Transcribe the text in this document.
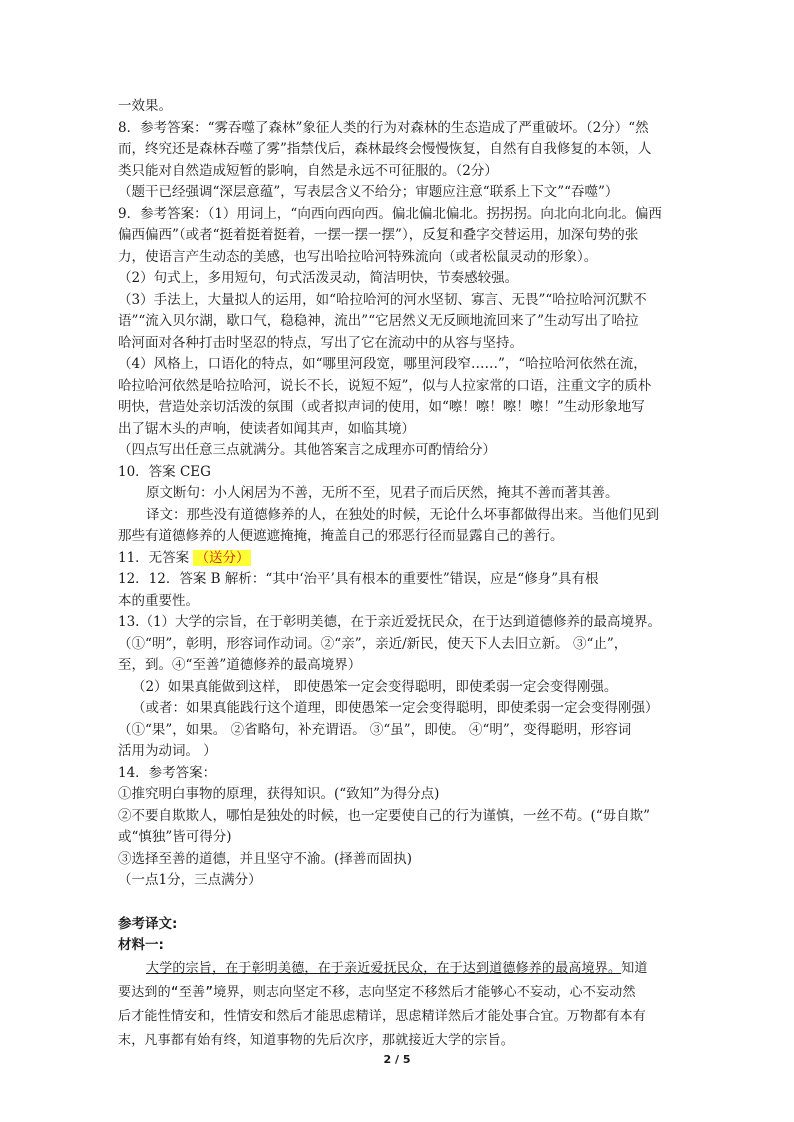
一效果。
8．参考答案：“雾吞噬了森林”象征人类的行为对森林的生态造成了严重破坏。（2分）“然
而，终究还是森林吞噬了雾”指禁伐后，森林最终会慢慢恢复，自然有自我修复的本领，人
类只能对自然造成短暂的影响，自然是永远不可征服的。（2分）
（题干已经强调“深层意蕴”，写表层含义不给分；审题应注意“联系上下文”“吞噬”）
9．参考答案：（1）用词上，“向西向西向西。偏北偏北偏北。拐拐拐。向北向北向北。偏西
偏西偏西”（或者“挺着挺着挺着，一摆一摆一摆”），反复和叠字交替运用，加深句势的张
力，使语言产生动态的美感，也写出哈拉哈河特殊流向（或者松鼠灵动的形象）。
（2）句式上，多用短句，句式活泼灵动，简洁明快，节奏感较强。
（3）手法上，大量拟人的运用，如“哈拉哈河的河水坚韧、寡言、无畏”“哈拉哈河沉默不
语”“流入贝尔湖，歇口气，稳稳神，流出”“它居然义无反顾地流回来了”生动写出了哈拉
哈河面对各种打击时坚忍的特点，写出了它在流动中的从容与坚持。
（4）风格上，口语化的特点，如“哪里河段宽，哪里河段窄……”，“哈拉哈河依然在流，
哈拉哈河依然是哈拉哈河，说长不长，说短不短”，似与人拉家常的口语，注重文字的质朴
明快，营造处亲切活泼的氛围（或者拟声词的使用，如“嚓！嚓！嚓！嚓！”生动形象地写
出了锯木头的声响，使读者如闻其声，如临其境）
（四点写出任意三点就满分。其他答案言之成理亦可酌情给分）
10．答案 CEG
原文断句：小人闲居为不善，无所不至，见君子而后厌然，掩其不善而著其善。
译文：那些没有道德修养的人，在独处的时候，无论什么坏事都做得出来。当他们见到
那些有道德修养的人便遮遮掩掩，掩盖自己的邪恶行径而显露自己的善行。
11．无答案 （送分）
12．12．答案 B 解析：“其中‘治平’具有根本的重要性”错误，应是“修身”具有根
本的重要性。
13.（1）大学的宗旨，在于彰明美德，在于亲近爱抚民众，在于达到道德修养的最高境界。
（①“明”，彰明，形容词作动词。②“亲”，亲近/新民，使天下人去旧立新。 ③“止”，
至，到。④“至善”道德修养的最高境界）
（2）如果真能做到这样， 即使愚笨一定会变得聪明，即使柔弱一定会变得刚强。
（或者：如果真能践行这个道理，即使愚笨一定会变得聪明，即使柔弱一定会变得刚强）
（①“果”，如果。 ②省略句，补充谓语。 ③“虽”，即使。 ④“明”，变得聪明，形容词
活用为动词。 ）
14．参考答案：
①推究明白事物的原理，获得知识。(“致知”为得分点)
②不要自欺欺人，哪怕是独处的时候，也一定要使自己的行为谨慎，一丝不苟。(“毋自欺”
或“慎独”皆可得分)
③选择至善的道德，并且坚守不渝。(择善而固执)
（一点1分，三点满分）
参考译文:
材料一:
大学的宗旨，在于彰明美德，在于亲近爱抚民众，在于达到道德修养的最高境界。知道
要达到的“至善”境界，则志向坚定不移，志向坚定不移然后才能够心不妄动，心不妄动然
后才能性情安和，性情安和然后才能思虑精详，思虑精详然后才能处事合宜。万物都有本有
末，凡事都有始有终，知道事物的先后次序，那就接近大学的宗旨。
2 / 5
